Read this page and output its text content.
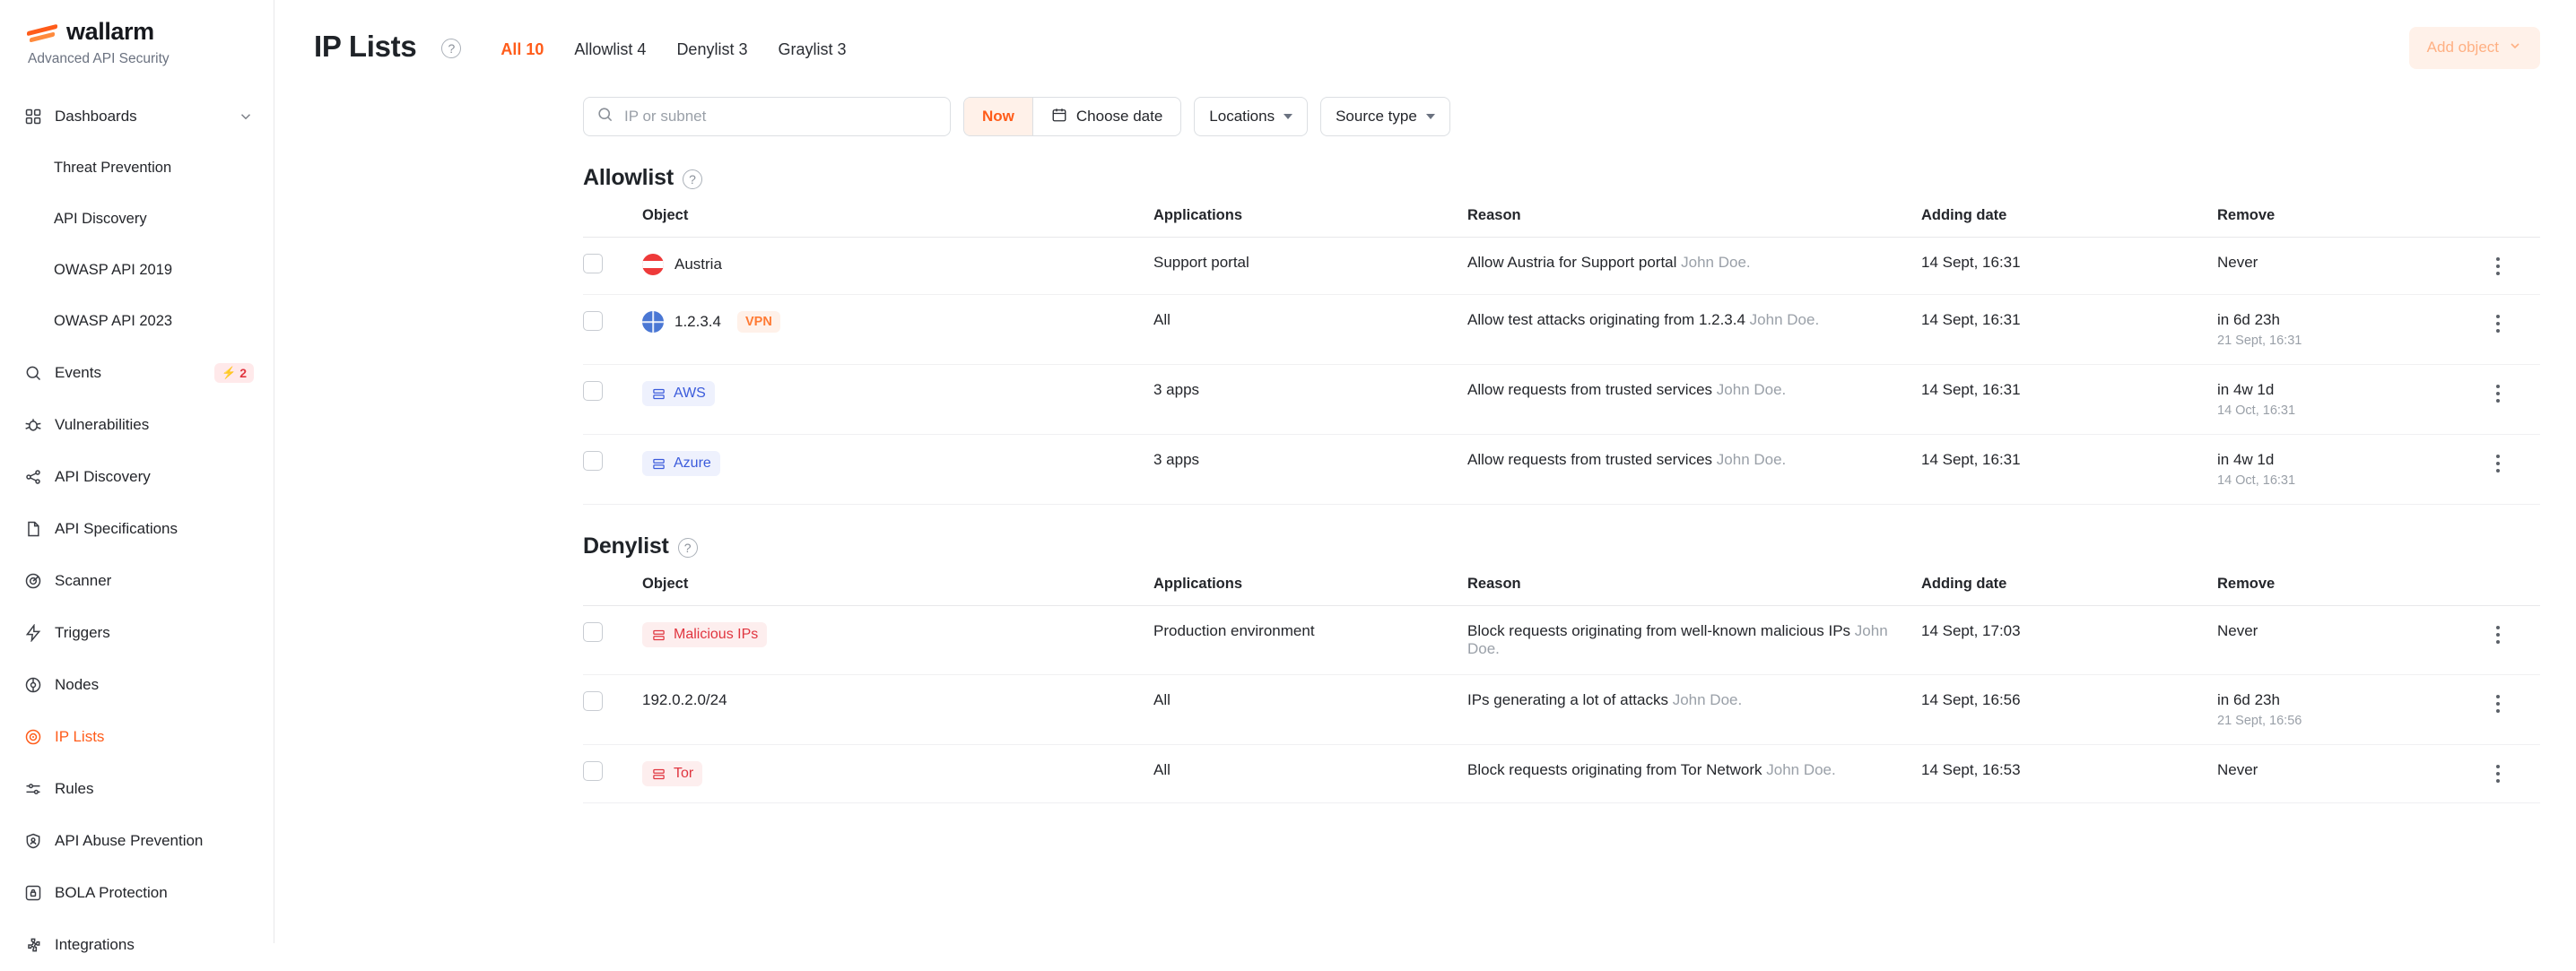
wallarm
Advanced API Security
Dashboards
Threat Prevention
API Discovery
OWASP API 2019
OWASP API 2023
Events	⚡ 2
Vulnerabilities
API Discovery
API Specifications
Scanner
Triggers
Nodes
IP Lists
Rules
API Abuse Prevention
BOLA Protection
Integrations
IP Lists	?	All 10 Allowlist 4 Denylist 3 Graylist 3	Add object
IP or subnet
Now	Choose date	Locations	Source type
Allowlist	?
	Object	Applications	Reason	Adding date	Remove	

	Austria	Support portal	Allow Austria for Support portal John Doe.	14 Sept, 16:31	Never	

1.2.3.4	VPN	All	Allow test attacks originating from 1.2.3.4 John Doe.	14 Sept, 16:31	in 6d 23h
21 Sept, 16:31

	AWS	3 apps	Allow requests from trusted services John Doe.	14 Sept, 16:31	in 4w 1d
14 Oct, 16:31	

	Azure	3 apps	Allow requests from trusted services John Doe.	14 Sept, 16:31	in 4w 1d
14 Oct, 16:31	

Denylist	?
	Object	Applications	Reason	Adding date	Remove	

	Malicious IPs	Production environment	Block requests originating from well-known malicious IPs John Doe.	14 Sept, 17:03	Never	

	192.0.2.0/24	All	IPs generating a lot of attacks John Doe.	14 Sept, 16:56	in 6d 23h
21 Sept, 16:56	

	Tor	All	Block requests originating from Tor Network John Doe.	14 Sept, 16:53	Never	
